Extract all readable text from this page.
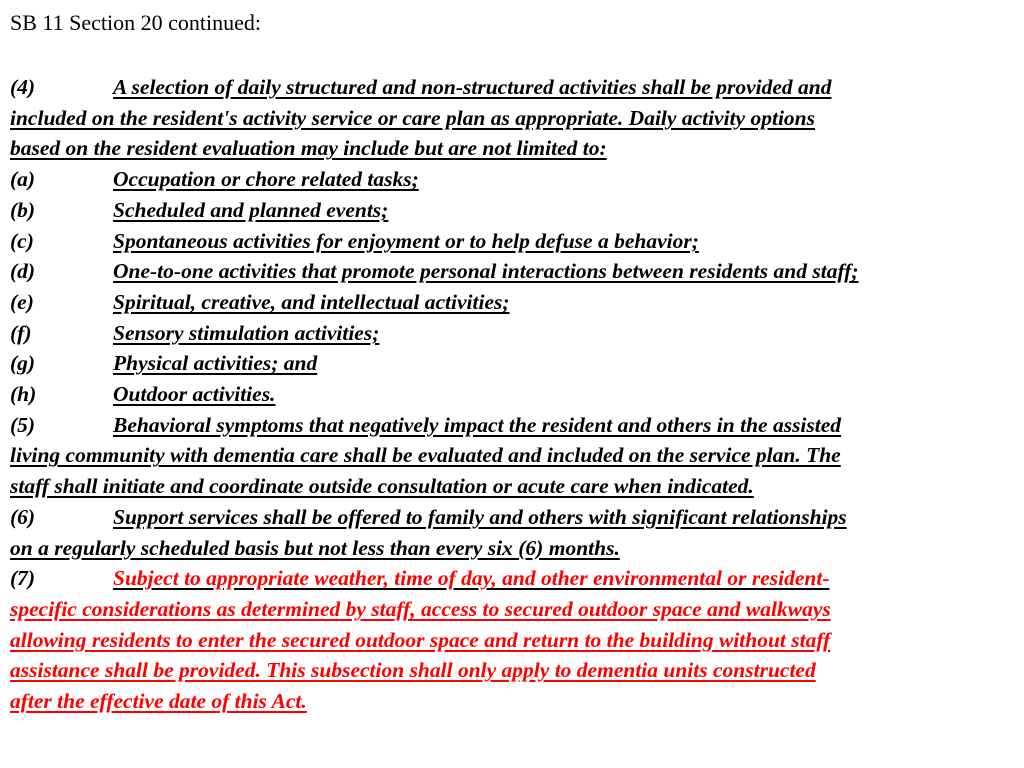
SB 11 Section 20 continued:

(4)	A selection of daily structured and non-structured activities shall be provided and
included on the resident's activity service or care plan as appropriate. Daily activity options
based on the resident evaluation may include but are not limited to:
(a)	Occupation or chore related tasks;
(b)	Scheduled and planned events;
(c)	Spontaneous activities for enjoyment or to help defuse a behavior;
(d)	One-to-one activities that promote personal interactions between residents and staff;
(e)	Spiritual, creative, and intellectual activities;
(f)	Sensory stimulation activities;
(g)	Physical activities; and
(h)	Outdoor activities.
(5)	Behavioral symptoms that negatively impact the resident and others in the assisted
living community with dementia care shall be evaluated and included on the service plan. The
staff shall initiate and coordinate outside consultation or acute care when indicated.
(6)	Support services shall be offered to family and others with significant relationships
on a regularly scheduled basis but not less than every six (6) months.
(7)	Subject to appropriate weather, time of day, and other environmental or resident-
specific considerations as determined by staff, access to secured outdoor space and walkways
allowing residents to enter the secured outdoor space and return to the building without staff
assistance shall be provided. This subsection shall only apply to dementia units constructed
after the effective date of this Act.
